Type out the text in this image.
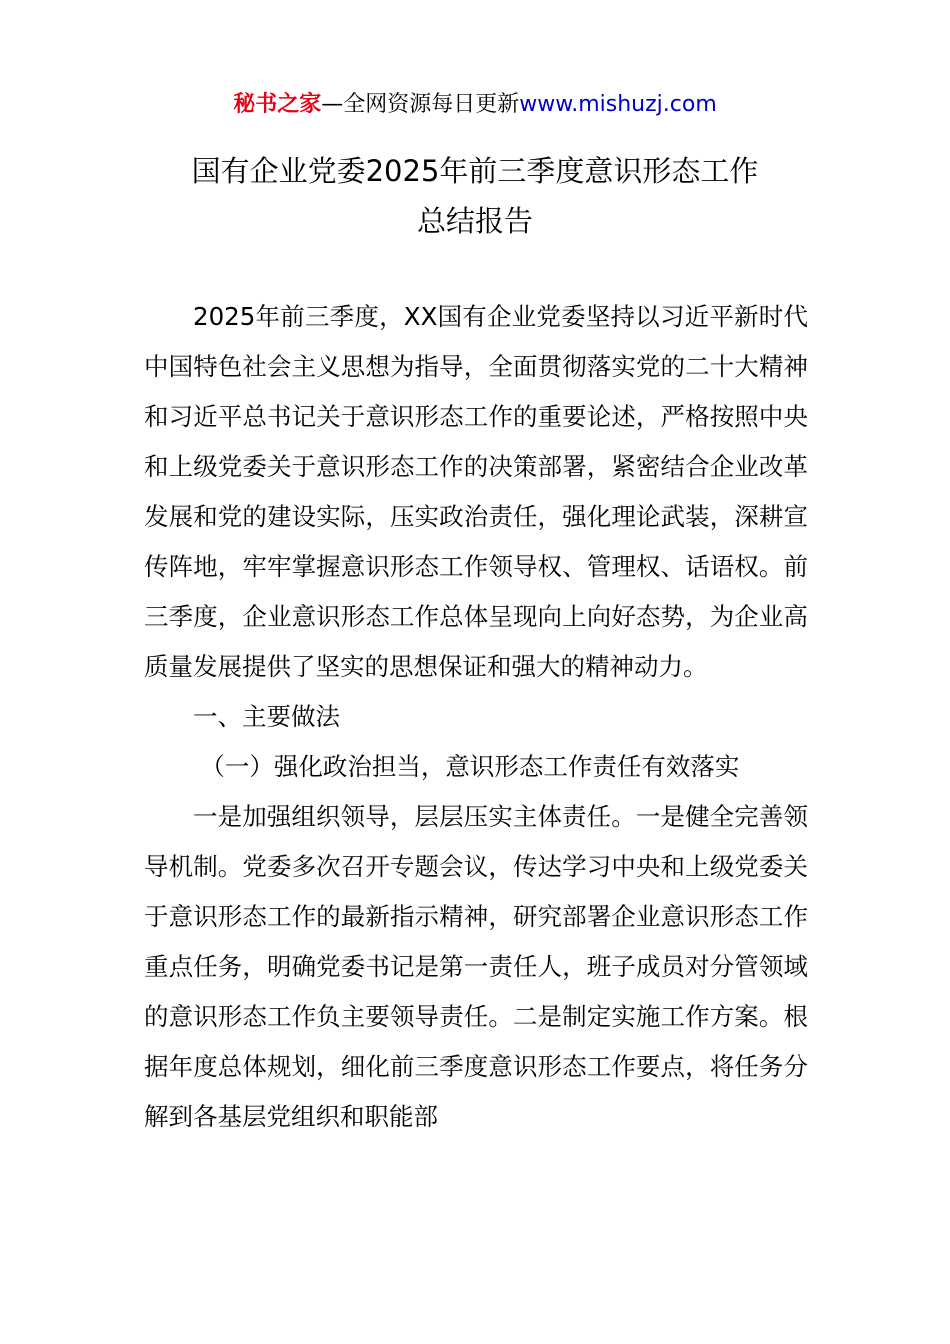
秘书之家—全网资源每日更新www.mishuzj.com
国有企业党委2025年前三季度意识形态工作
总结报告

2025年前三季度，XX国有企业党委坚持以习近平新时代中国特色社会主义思想为指导，全面贯彻落实党的二十大精神和习近平总书记关于意识形态工作的重要论述，严格按照中央和上级党委关于意识形态工作的决策部署，紧密结合企业改革发展和党的建设实际，压实政治责任，强化理论武装，深耕宣传阵地，牢牢掌握意识形态工作领导权、管理权、话语权。前三季度，企业意识形态工作总体呈现向上向好态势，为企业高质量发展提供了坚实的思想保证和强大的精神动力。

一、主要做法

（一）强化政治担当，意识形态工作责任有效落实

一是加强组织领导，层层压实主体责任。一是健全完善领导机制。党委多次召开专题会议，传达学习中央和上级党委关于意识形态工作的最新指示精神，研究部署企业意识形态工作重点任务，明确党委书记是第一责任人，班子成员对分管领域的意识形态工作负主要领导责任。二是制定实施工作方案。根据年度总体规划，细化前三季度意识形态工作要点，将任务分解到各基层党组织和职能部
